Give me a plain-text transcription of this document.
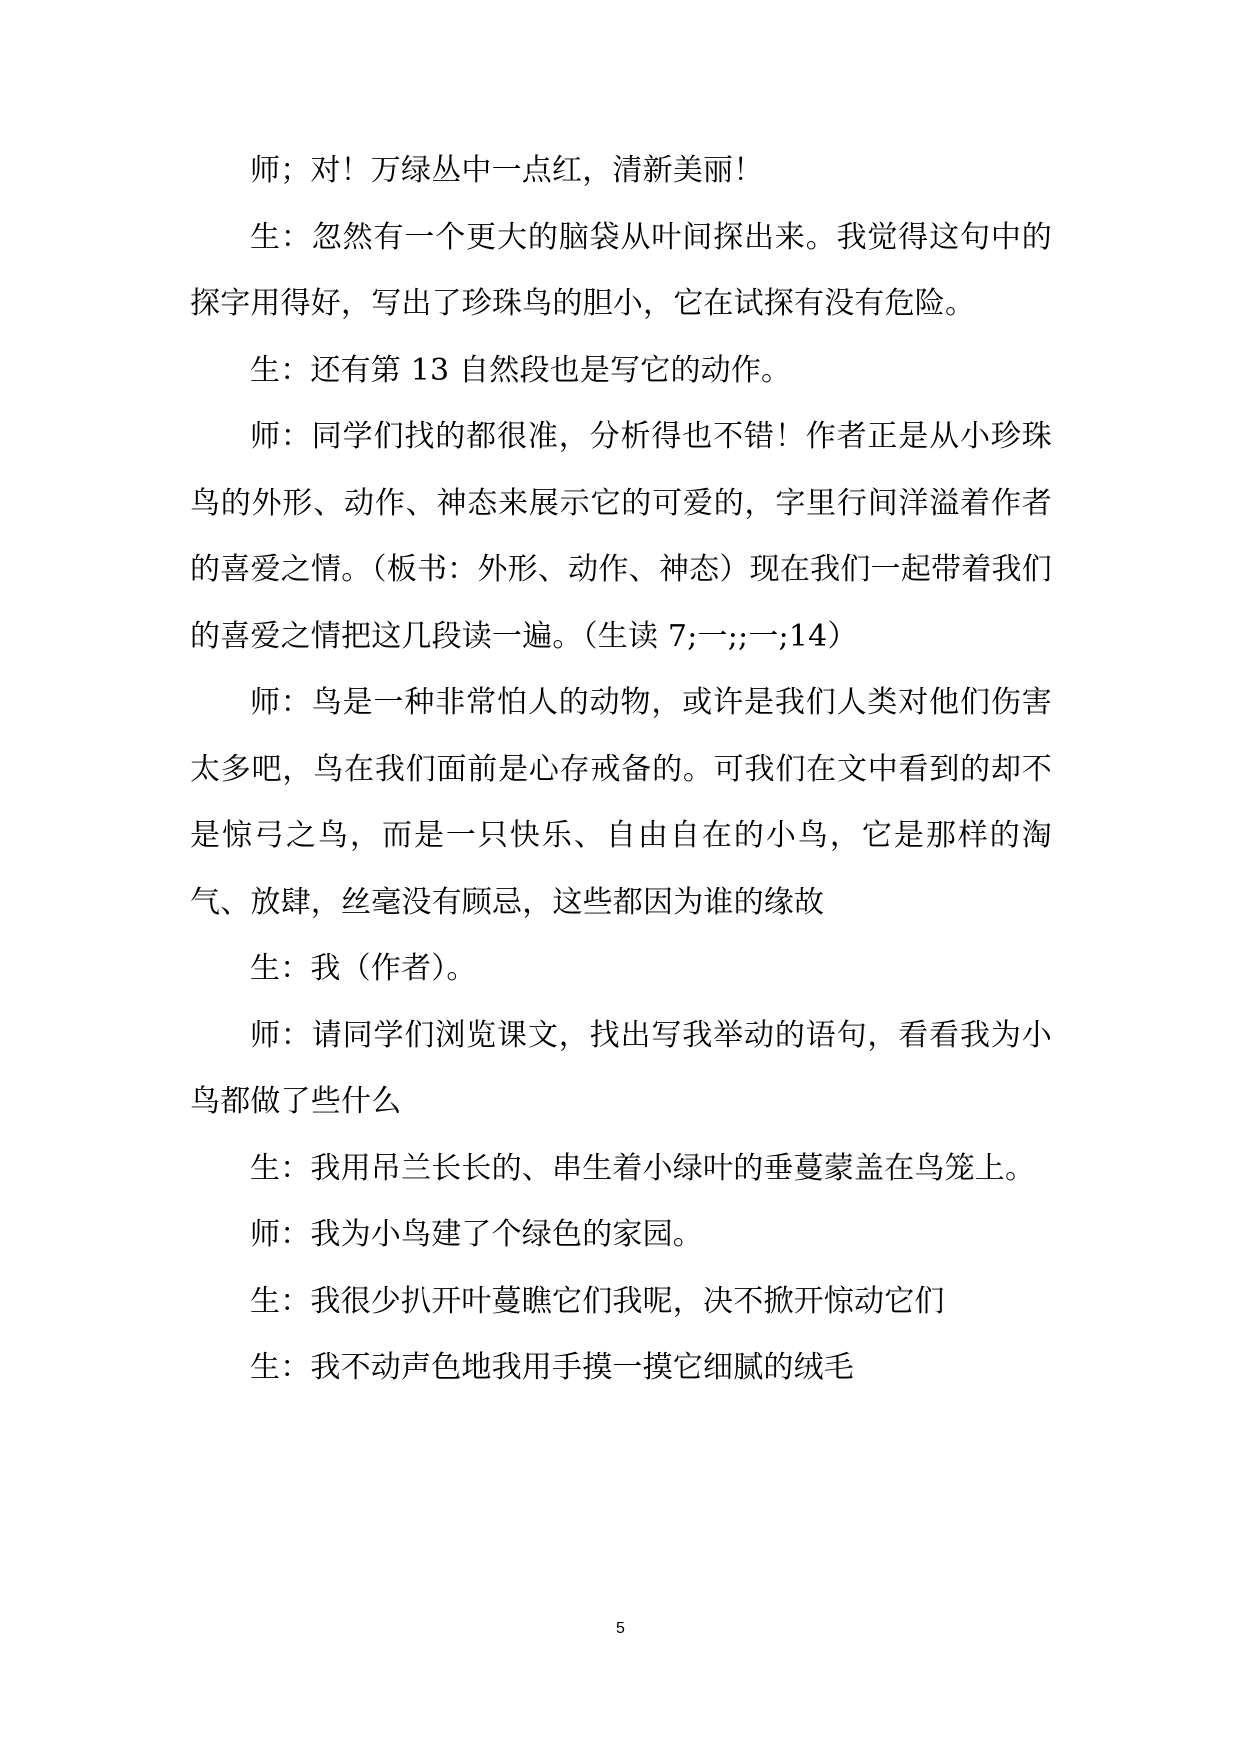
师；对！万绿丛中一点红，清新美丽！

生：忽然有一个更大的脑袋从叶间探出来。我觉得这句中的探字用得好，写出了珍珠鸟的胆小，它在试探有没有危险。

生：还有第 13 自然段也是写它的动作。

师：同学们找的都很准，分析得也不错！作者正是从小珍珠鸟的外形、动作、神态来展示它的可爱的，字里行间洋溢着作者的喜爱之情。（板书：外形、动作、神态）现在我们一起带着我们的喜爱之情把这几段读一遍。（生读 7;一;;一;14）

师：鸟是一种非常怕人的动物，或许是我们人类对他们伤害太多吧，鸟在我们面前是心存戒备的。可我们在文中看到的却不是惊弓之鸟，而是一只快乐、自由自在的小鸟，它是那样的淘气、放肆，丝毫没有顾忌，这些都因为谁的缘故

生：我（作者）。

师：请同学们浏览课文，找出写我举动的语句，看看我为小鸟都做了些什么

生：我用吊兰长长的、串生着小绿叶的垂蔓蒙盖在鸟笼上。

师：我为小鸟建了个绿色的家园。

生：我很少扒开叶蔓瞧它们我呢，决不掀开惊动它们

生：我不动声色地我用手摸一摸它细腻的绒毛

5
